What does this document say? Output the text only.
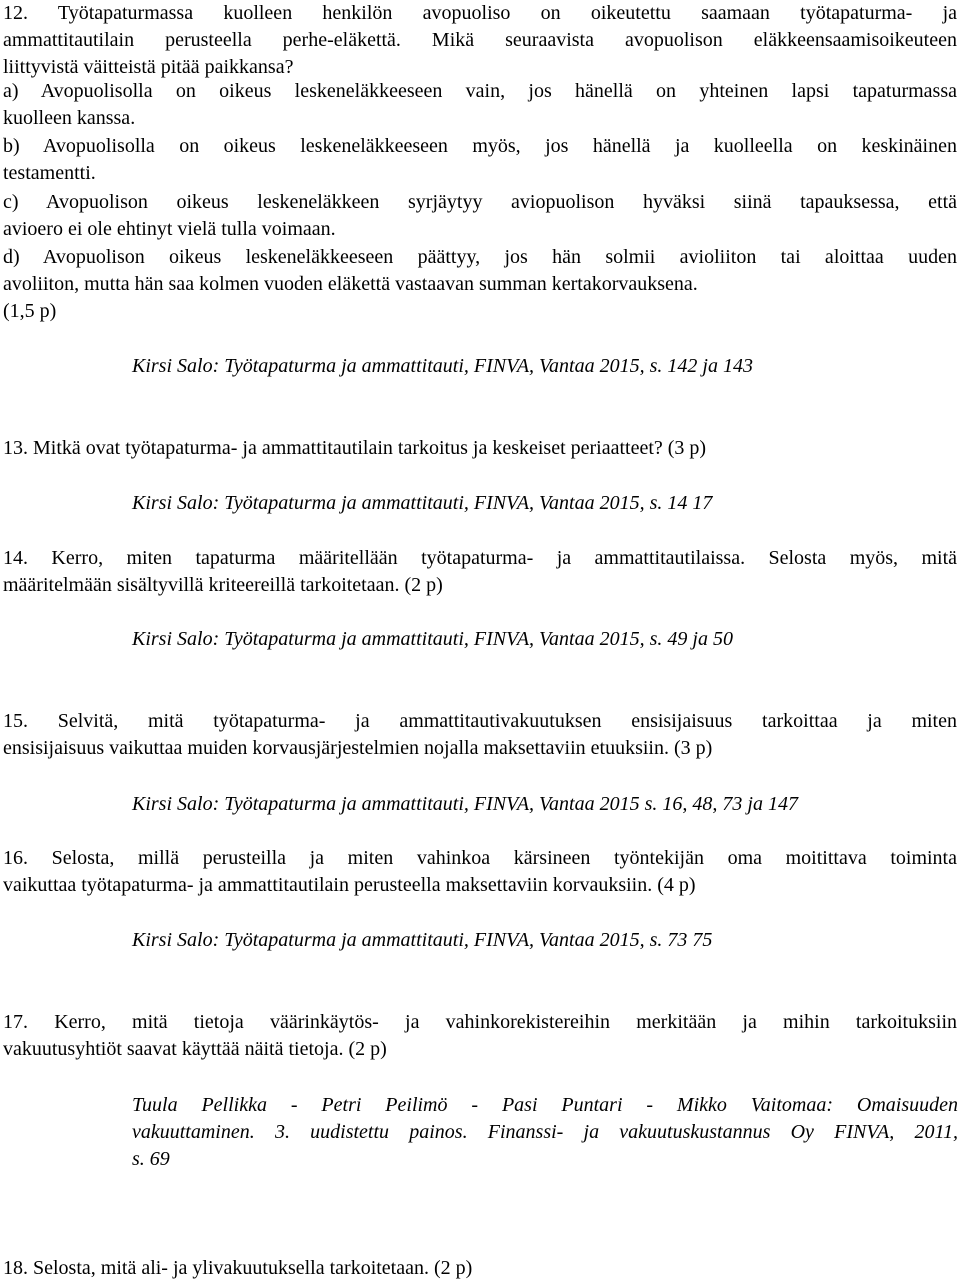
12. Työtapaturmassa kuolleen henkilön avopuoliso on oikeutettu saamaan työtapaturma- ja
ammattitautilain perusteella perhe-eläkettä. Mikä seuraavista avopuolison eläkkeensaamisoikeuteen
liittyvistä väitteistä pitää paikkansa?
a) Avopuolisolla on oikeus leskeneläkkeeseen vain, jos hänellä on yhteinen lapsi tapaturmassa
kuolleen kanssa.
b) Avopuolisolla on oikeus leskeneläkkeeseen myös, jos hänellä ja kuolleella on keskinäinen
testamentti.
c) Avopuolison oikeus leskeneläkkeen syrjäytyy aviopuolison hyväksi siinä tapauksessa, että
avioero ei ole ehtinyt vielä tulla voimaan.
d) Avopuolison oikeus leskeneläkkeeseen päättyy, jos hän solmii avioliiton tai aloittaa uuden
avoliiton, mutta hän saa kolmen vuoden eläkettä vastaavan summan kertakorvauksena.
(1,5 p)
Kirsi Salo: Työtapaturma ja ammattitauti, FINVA, Vantaa 2015, s. 142 ja 143
13. Mitkä ovat työtapaturma- ja ammattitautilain tarkoitus ja keskeiset periaatteet? (3 p)
Kirsi Salo: Työtapaturma ja ammattitauti, FINVA, Vantaa 2015, s. 14 17
14. Kerro, miten tapaturma määritellään työtapaturma- ja ammattitautilaissa. Selosta myös, mitä
määritelmään sisältyvillä kriteereillä tarkoitetaan. (2 p)
Kirsi Salo: Työtapaturma ja ammattitauti, FINVA, Vantaa 2015, s. 49 ja 50
15. Selvitä, mitä työtapaturma- ja ammattitautivakuutuksen ensisijaisuus tarkoittaa ja miten
ensisijaisuus vaikuttaa muiden korvausjärjestelmien nojalla maksettaviin etuuksiin. (3 p)
Kirsi Salo: Työtapaturma ja ammattitauti, FINVA, Vantaa 2015 s. 16, 48, 73 ja 147
16. Selosta, millä perusteilla ja miten vahinkoa kärsineen työntekijän oma moitittava toiminta
vaikuttaa työtapaturma- ja ammattitautilain perusteella maksettaviin korvauksiin. (4 p)
Kirsi Salo: Työtapaturma ja ammattitauti, FINVA, Vantaa 2015, s. 73 75
17. Kerro, mitä tietoja väärinkäytös- ja vahinkorekistereihin merkitään ja mihin tarkoituksiin
vakuutusyhtiöt saavat käyttää näitä tietoja. (2 p)
Tuula Pellikka - Petri Peilimö - Pasi Puntari - Mikko Vaitomaa: Omaisuuden
vakuuttaminen. 3. uudistettu painos. Finanssi- ja vakuutuskustannus Oy FINVA, 2011,
s. 69
18. Selosta, mitä ali- ja ylivakuutuksella tarkoitetaan. (2 p)
